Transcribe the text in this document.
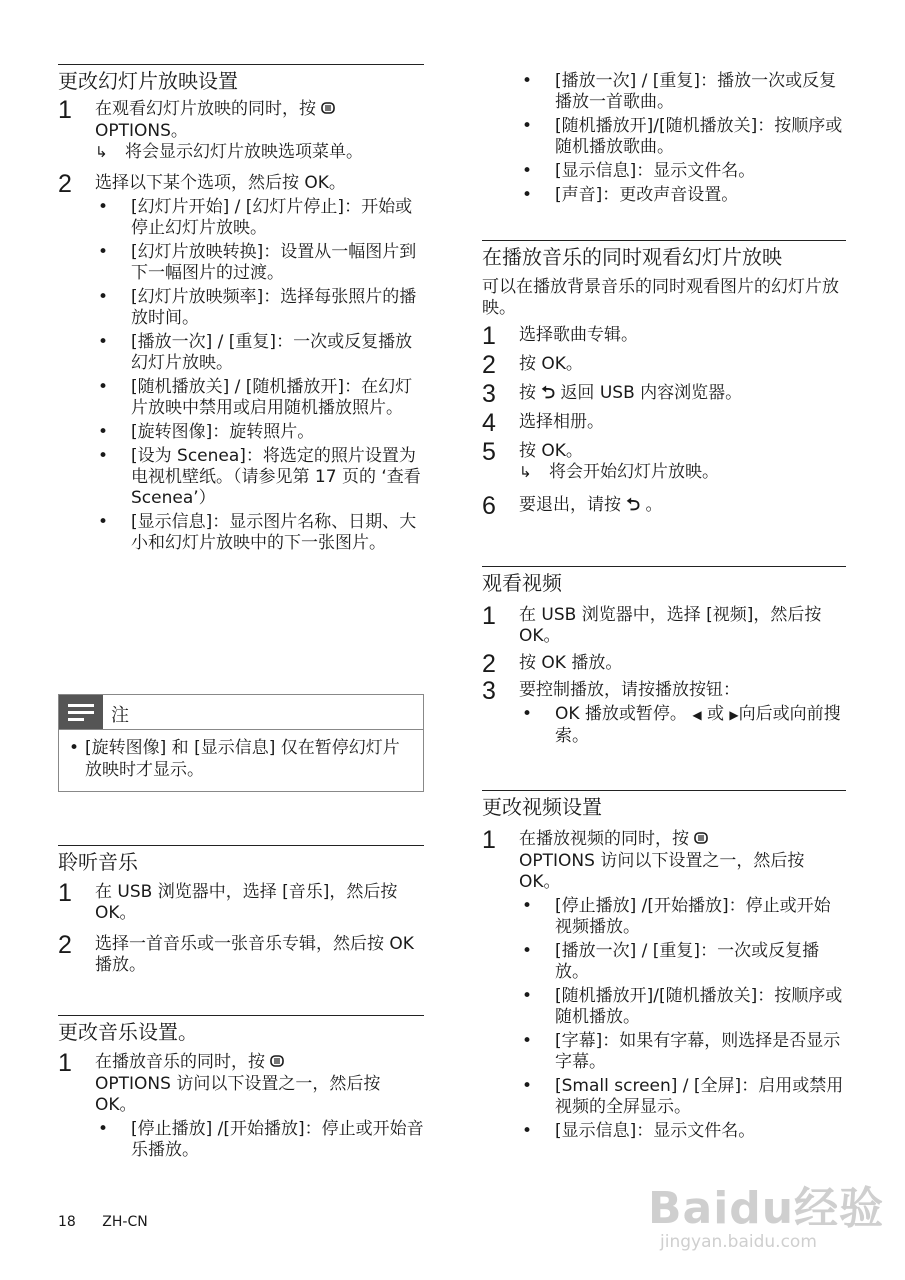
更改幻灯片放映设置
1 在观看幻灯片放映的同时，按
OPTIONS。
↳ 将会显示幻灯片放映选项菜单。
2 选择以下某个选项，然后按 OK。
• [幻灯片开始] / [幻灯片停止]：开始或停止幻灯片放映。
• [幻灯片放映转换]：设置从一幅图片到下一幅图片的过渡。
• [幻灯片放映频率]：选择每张照片的播放时间。
• [播放一次] / [重复]：一次或反复播放幻灯片放映。
• [随机播放关] / [随机播放开]：在幻灯片放映中禁用或启用随机播放照片。
• [旋转图像]：旋转照片。
• [设为 Scenea]：将选定的照片设置为电视机壁纸。（请参见第 17 页的 ‘查看 Scenea’）
• [显示信息]：显示图片名称、日期、大小和幻灯片放映中的下一张图片。
注
• [旋转图像] 和 [显示信息] 仅在暂停幻灯片放映时才显示。
聆听音乐
1 在 USB 浏览器中，选择 [音乐]，然后按 OK。
2 选择一首音乐或一张音乐专辑，然后按 OK 播放。
更改音乐设置。
1 在播放音乐的同时，按
OPTIONS 访问以下设置之一，然后按 OK。
• [停止播放] /[开始播放]：停止或开始音乐播放。
18 ZH-CN
•	[播放一次] / [重复]：播放一次或反复播放一首歌曲。
•	[随机播放开]/[随机播放关]：按顺序或随机播放歌曲。
•	[显示信息]：显示文件名。
•	[声音]：更改声音设置。
在播放音乐的同时观看幻灯片放映
可以在播放背景音乐的同时观看图片的幻灯片放映。
1 选择歌曲专辑。
2 按 OK。
3 按 ⮌ 返回 USB 内容浏览器。
4 选择相册。
5 按 OK。
↳ 将会开始幻灯片放映。
6 要退出，请按 ⮌ 。
观看视频
1 在 USB 浏览器中，选择 [视频]，然后按 OK。
2 按 OK 播放。
3 要控制播放，请按播放按钮：
• OK 播放或暂停。 ◀ 或 ▶向后或向前搜索。
更改视频设置
1 在播放视频的同时，按
OPTIONS 访问以下设置之一，然后按 OK。
• [停止播放] /[开始播放]：停止或开始视频播放。
• [播放一次] / [重复]：一次或反复播放。
• [随机播放开]/[随机播放关]：按顺序或随机播放。
• [字幕]：如果有字幕，则选择是否显示字幕。
• [Small screen] / [全屏]：启用或禁用视频的全屏显示。
• [显示信息]：显示文件名。
Baidu经验
jingyan.baidu.com
